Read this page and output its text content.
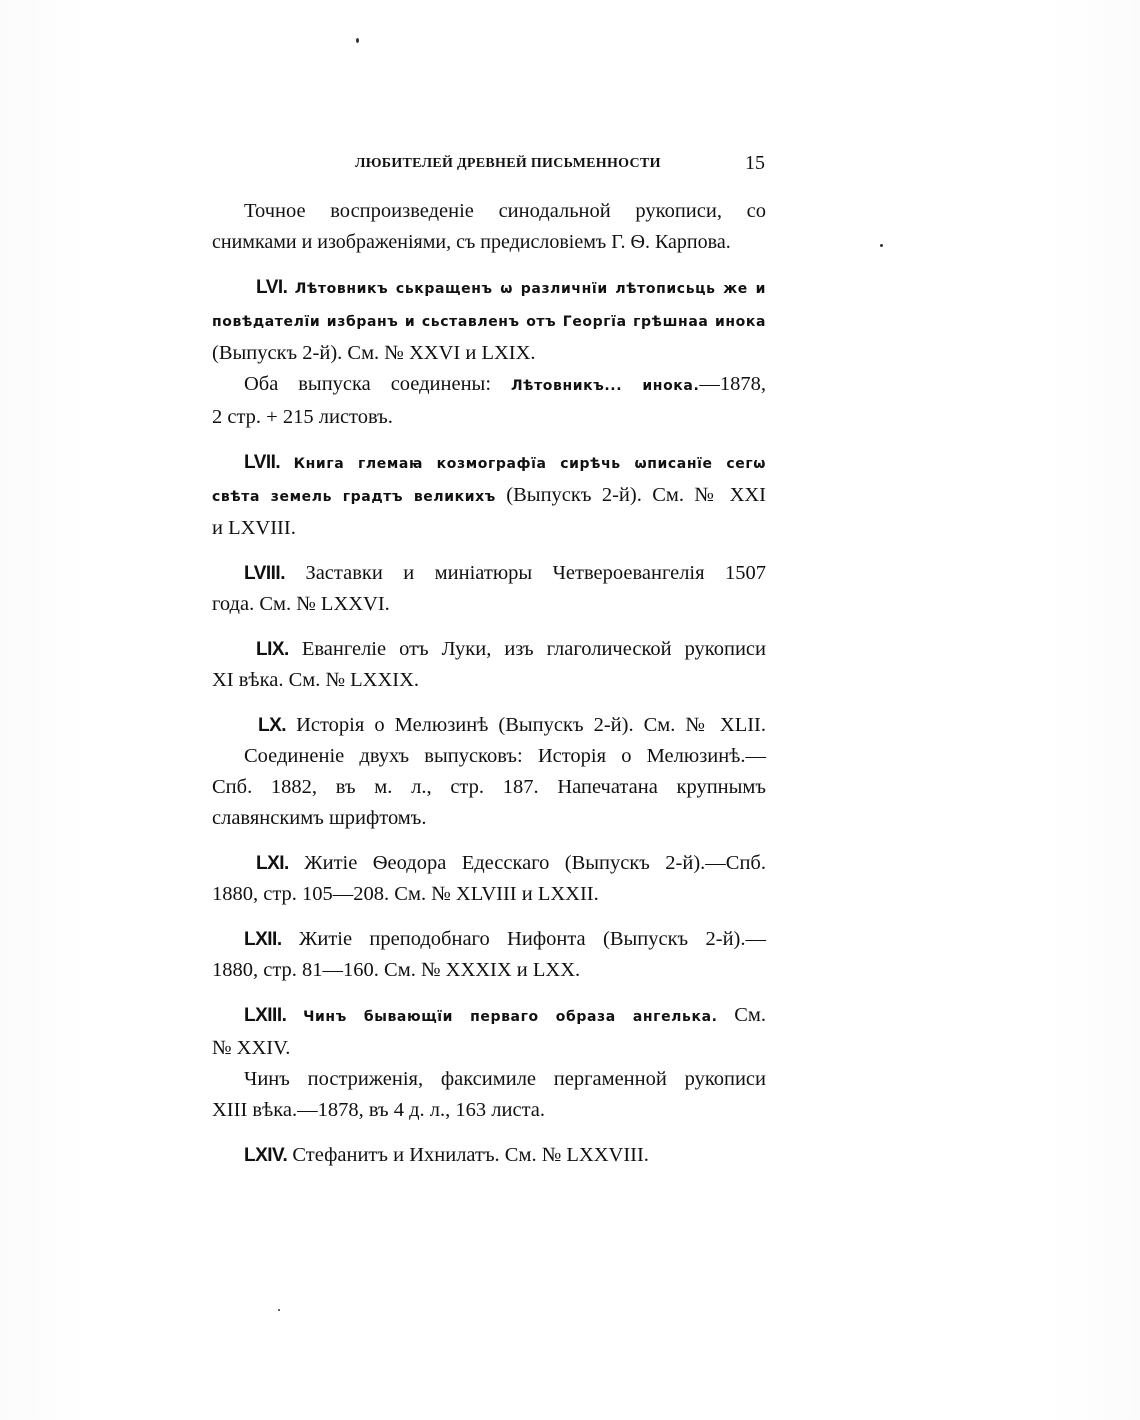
ЛЮБИТЕЛЕЙ ДРЕВНЕЙ ПИСЬМЕННОСТИ	15

Точное воспроизведеніе синодальной рукописи, со

снимками и изображеніями, съ предисловіемъ Г. Ѳ. Карпова.

LVI. Лѣтовникъ ськращенъ ѡ различнїи лѣтописьць же и

повѣдателїи избранъ и сьставленъ отъ Георгїа грѣшнаа инока

(Выпускъ 2-й). См. № XXVI и LXIX.

Оба выпуска соединены: Лѣтовникъ... инока.—1878,

2 стр. + 215 листовъ.

LVII. Книга глемаꙗ козмографїа сирѣчь ѡписанїе сегѡ

свѣта земель градтъ великихъ (Выпускъ 2-й). См. № XXI

и LXVIII.

LVIII. Заставки и миніатюры Четвероевангелія 1507

года. См. № LXXVI.

LIX. Евангеліе отъ Луки, изъ глаголической рукописи

XI вѣка. См. № LXXIX.

LX. Исторія о Мелюзинѣ (Выпускъ 2-й). См. № XLII.

Соединеніе двухъ выпусковъ: Исторія о Мелюзинѣ.—

Спб. 1882, въ м. л., стр. 187. Напечатана крупнымъ

славянскимъ шрифтомъ.

LXI. Житіе Ѳеодора Едесскаго (Выпускъ 2-й).—Спб.

1880, стр. 105—208. См. № XLVIII и LXXII.

LXII. Житіе преподобнаго Нифонта (Выпускъ 2-й).—

1880, стр. 81—160. См. № XXXIX и LXX.

LXIII. Чинъ бывающїи перваго образа ангелька. См.

№ XXIV.

Чинъ постриженія, факсимиле пергаменной рукописи

XIII вѣка.—1878, въ 4 д. л., 163 листа.

LXIV. Стефанитъ и Ихнилатъ. См. № LXXVIII.
